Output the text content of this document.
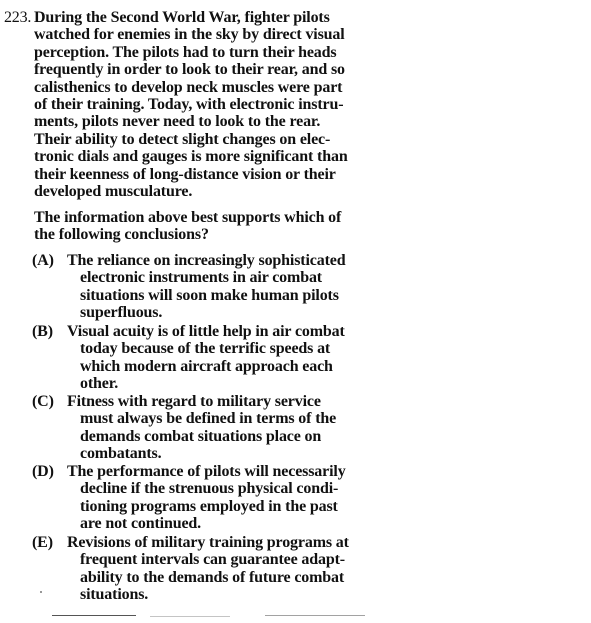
223. During the Second World War, fighter pilots
watched for enemies in the sky by direct visual
perception. The pilots had to turn their heads
frequently in order to look to their rear, and so
calisthenics to develop neck muscles were part
of their training. Today, with electronic instru-
ments, pilots never need to look to the rear.
Their ability to detect slight changes on elec-
tronic dials and gauges is more significant than
their keenness of long-distance vision or their
developed musculature.
The information above best supports which of
the following conclusions?
(A) The reliance on increasingly sophisticated
electronic instruments in air combat
situations will soon make human pilots
superfluous.
(B) Visual acuity is of little help in air combat
today because of the terrific speeds at
which modern aircraft approach each
other.
(C) Fitness with regard to military service
must always be defined in terms of the
demands combat situations place on
combatants.
(D) The performance of pilots will necessarily
decline if the strenuous physical condi-
tioning programs employed in the past
are not continued.
(E) Revisions of military training programs at
frequent intervals can guarantee adapt-
ability to the demands of future combat
situations.
